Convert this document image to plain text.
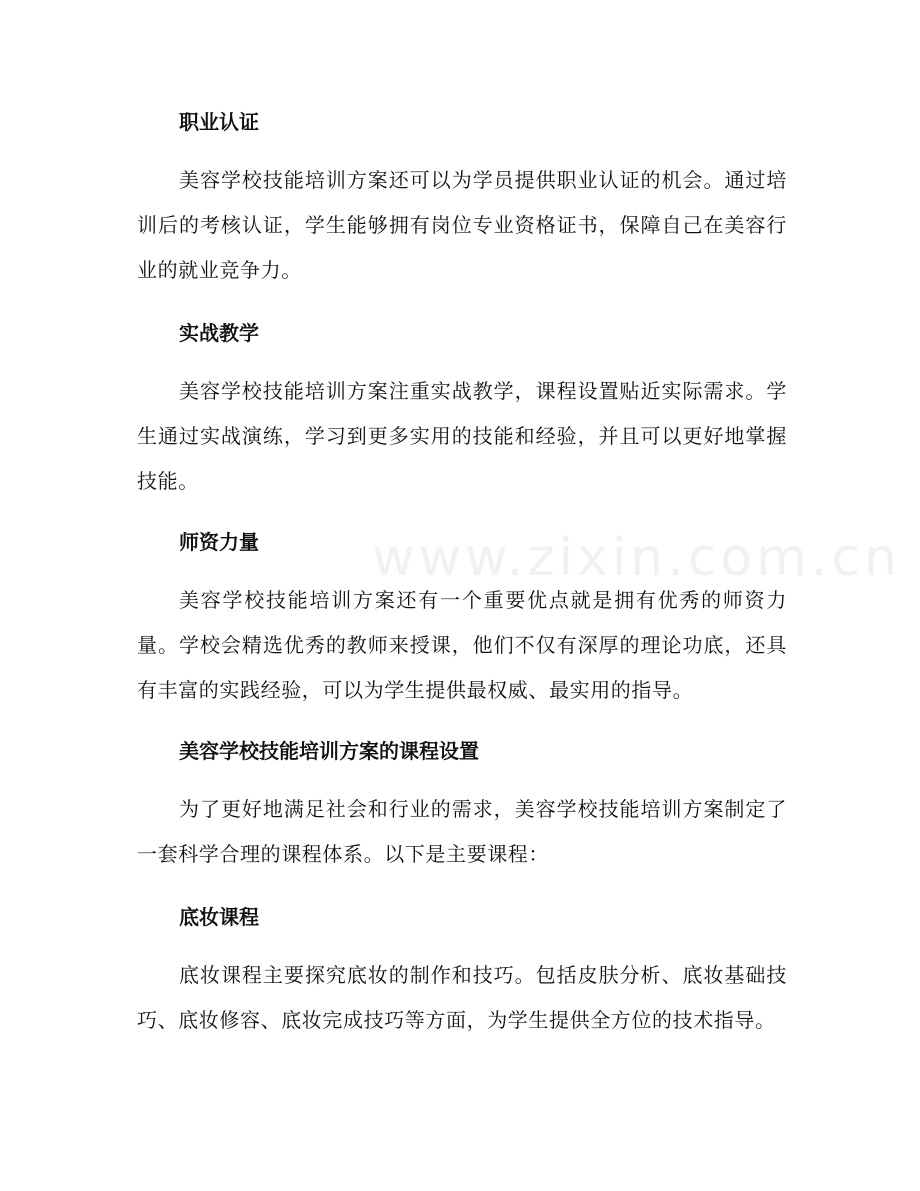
www.zixin.com.cn

职业认证

美容学校技能培训方案还可以为学员提供职业认证的机会。通过培训后的考核认证，学生能够拥有岗位专业资格证书，保障自己在美容行业的就业竞争力。

实战教学

美容学校技能培训方案注重实战教学，课程设置贴近实际需求。学生通过实战演练，学习到更多实用的技能和经验，并且可以更好地掌握技能。

师资力量

美容学校技能培训方案还有一个重要优点就是拥有优秀的师资力量。学校会精选优秀的教师来授课，他们不仅有深厚的理论功底，还具有丰富的实践经验，可以为学生提供最权威、最实用的指导。

美容学校技能培训方案的课程设置

为了更好地满足社会和行业的需求，美容学校技能培训方案制定了一套科学合理的课程体系。以下是主要课程：

底妆课程

底妆课程主要探究底妆的制作和技巧。包括皮肤分析、底妆基础技巧、底妆修容、底妆完成技巧等方面，为学生提供全方位的技术指导。
